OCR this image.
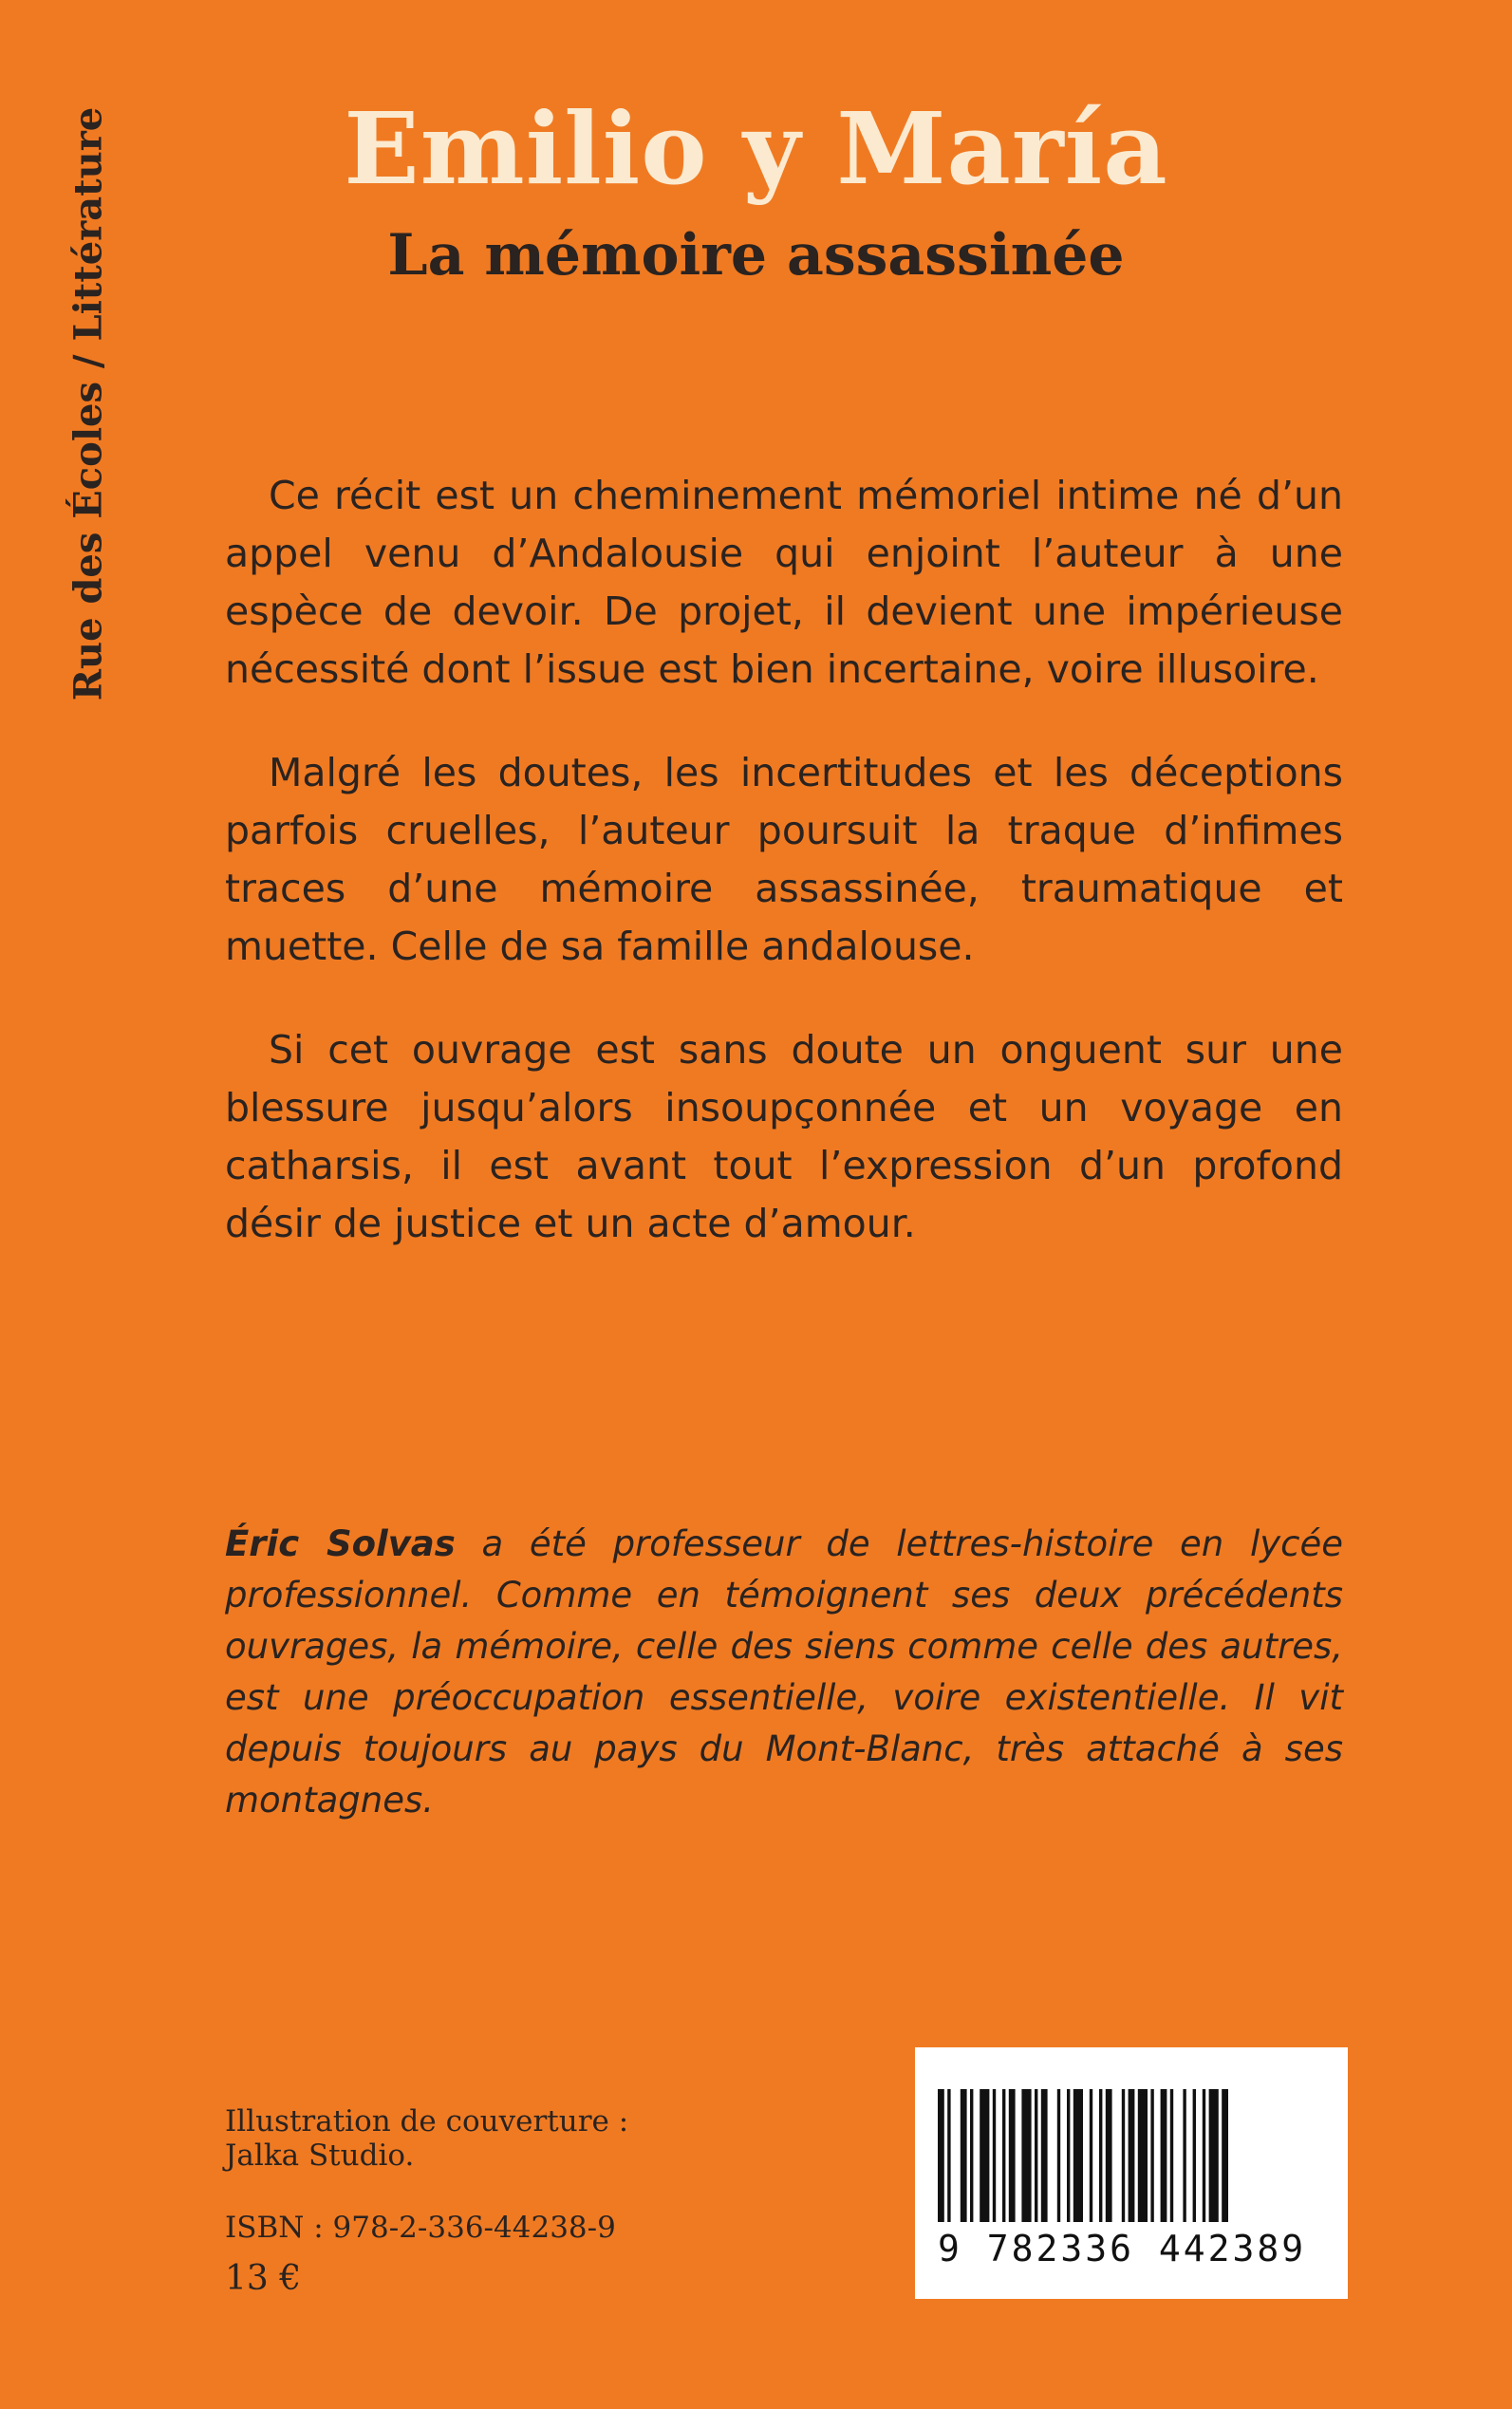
Rue des Écoles / Littérature	Emilio y María
La mémoire assassinée

Ce récit est un cheminement mémoriel intime né d’un appel venu d’Andalousie qui enjoint l’auteur à une espèce de devoir. De projet, il devient une impérieuse nécessité dont l’issue est bien incertaine, voire illusoire.

Malgré les doutes, les incertitudes et les déceptions parfois cruelles, l’auteur poursuit la traque d’infimes traces d’une mémoire assassinée, traumatique et muette. Celle de sa famille andalouse.

Si cet ouvrage est sans doute un onguent sur une blessure jusqu’alors insoupçonnée et un voyage en catharsis, il est avant tout l’expression d’un profond désir de justice et un acte d’amour.

Éric Solvas a été professeur de lettres-histoire en lycée professionnel. Comme en témoignent ses deux précédents ouvrages, la mémoire, celle des siens comme celle des autres, est une préoccupation essentielle, voire existentielle. Il vit depuis toujours au pays du Mont-Blanc, très attaché à ses montagnes.
Illustration de couverture :
Jalka Studio.
ISBN : 978-2-336-44238-9
13 €
9 782336 442389
